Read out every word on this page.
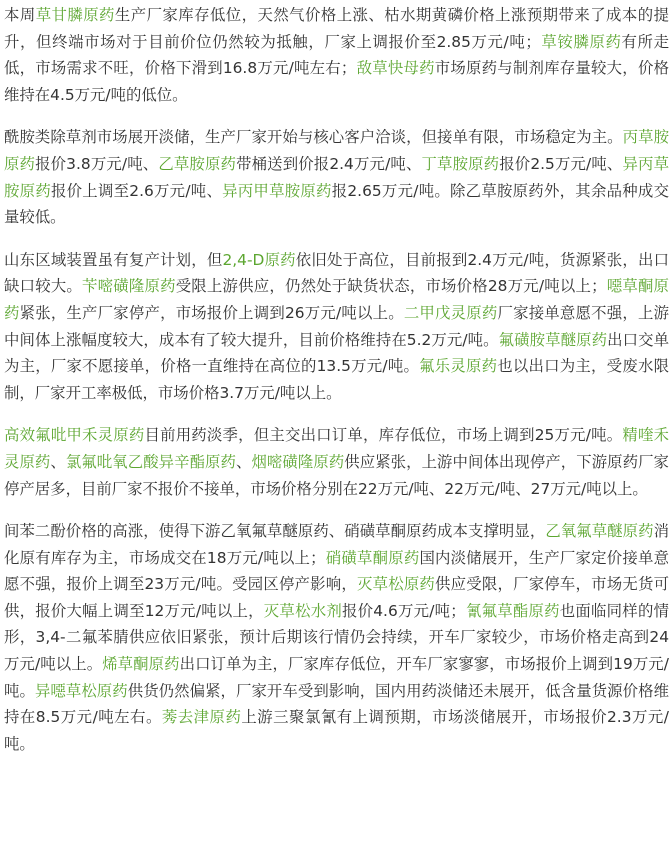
本周草甘膦原药生产厂家库存低位，天然气价格上涨、枯水期黄磷价格上涨预期带来了成本的提升，但终端市场对于目前价位仍然较为抵触，厂家上调报价至2.85万元/吨；草铵膦原药有所走低，市场需求不旺，价格下滑到16.8万元/吨左右；敌草快母药市场原药与制剂库存量较大，价格维持在4.5万元/吨的低位。

酰胺类除草剂市场展开淡储，生产厂家开始与核心客户洽谈，但接单有限，市场稳定为主。丙草胺原药报价3.8万元/吨、乙草胺原药带桶送到价报2.4万元/吨、丁草胺原药报价2.5万元/吨、异丙草胺原药报价上调至2.6万元/吨、异丙甲草胺原药报2.65万元/吨。除乙草胺原药外，其余品种成交量较低。

山东区域装置虽有复产计划，但2,4-D原药依旧处于高位，目前报到2.4万元/吨，货源紧张，出口缺口较大。苄嘧磺隆原药受限上游供应，仍然处于缺货状态，市场价格28万元/吨以上；噁草酮原药紧张，生产厂家停产，市场报价上调到26万元/吨以上。二甲戊灵原药厂家接单意愿不强，上游中间体上涨幅度较大，成本有了较大提升，目前价格维持在5.2万元/吨。氟磺胺草醚原药出口交单为主，厂家不愿接单，价格一直维持在高位的13.5万元/吨。氟乐灵原药也以出口为主，受废水限制，厂家开工率极低，市场价格3.7万元/吨以上。

高效氟吡甲禾灵原药目前用药淡季，但主交出口订单，库存低位，市场上调到25万元/吨。精喹禾灵原药、氯氟吡氧乙酸异辛酯原药、烟嘧磺隆原药供应紧张，上游中间体出现停产，下游原药厂家停产居多，目前厂家不报价不接单，市场价格分别在22万元/吨、22万元/吨、27万元/吨以上。

间苯二酚价格的高涨，使得下游乙氧氟草醚原药、硝磺草酮原药成本支撑明显，乙氧氟草醚原药消化原有库存为主，市场成交在18万元/吨以上；硝磺草酮原药国内淡储展开，生产厂家定价接单意愿不强，报价上调至23万元/吨。受园区停产影响，灭草松原药供应受限，厂家停车，市场无货可供，报价大幅上调至12万元/吨以上，灭草松水剂报价4.6万元/吨；氰氟草酯原药也面临同样的情形，3,4-二氟苯腈供应依旧紧张，预计后期该行情仍会持续，开车厂家较少，市场价格走高到24万元/吨以上。烯草酮原药出口订单为主，厂家库存低位，开车厂家寥寥，市场报价上调到19万元/吨。异噁草松原药供货仍然偏紧，厂家开车受到影响，国内用药淡储还未展开，低含量货源价格维持在8.5万元/吨左右。莠去津原药上游三聚氯氰有上调预期，市场淡储展开，市场报价2.3万元/吨。
